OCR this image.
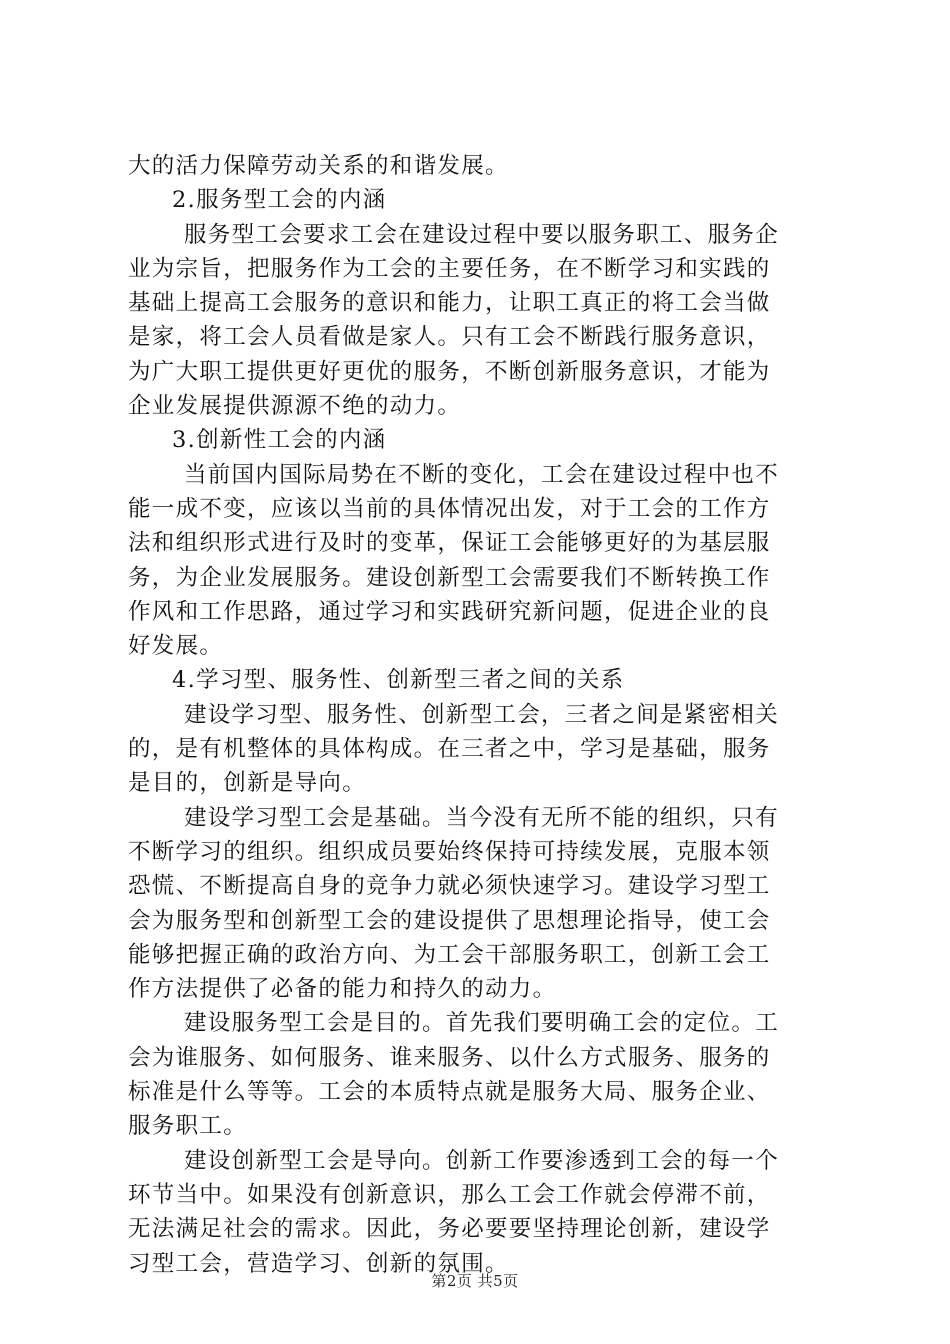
大的活力保障劳动关系的和谐发展。
2.服务型工会的内涵
服务型工会要求工会在建设过程中要以服务职工、服务企
业为宗旨，把服务作为工会的主要任务，在不断学习和实践的
基础上提高工会服务的意识和能力，让职工真正的将工会当做
是家，将工会人员看做是家人。只有工会不断践行服务意识，
为广大职工提供更好更优的服务，不断创新服务意识，才能为
企业发展提供源源不绝的动力。
3.创新性工会的内涵
当前国内国际局势在不断的变化，工会在建设过程中也不
能一成不变，应该以当前的具体情况出发，对于工会的工作方
法和组织形式进行及时的变革，保证工会能够更好的为基层服
务，为企业发展服务。建设创新型工会需要我们不断转换工作
作风和工作思路，通过学习和实践研究新问题，促进企业的良
好发展。
4.学习型、服务性、创新型三者之间的关系
建设学习型、服务性、创新型工会，三者之间是紧密相关
的，是有机整体的具体构成。在三者之中，学习是基础，服务
是目的，创新是导向。
建设学习型工会是基础。当今没有无所不能的组织，只有
不断学习的组织。组织成员要始终保持可持续发展，克服本领
恐慌、不断提高自身的竞争力就必须快速学习。建设学习型工
会为服务型和创新型工会的建设提供了思想理论指导，使工会
能够把握正确的政治方向、为工会干部服务职工，创新工会工
作方法提供了必备的能力和持久的动力。
建设服务型工会是目的。首先我们要明确工会的定位。工
会为谁服务、如何服务、谁来服务、以什么方式服务、服务的
标准是什么等等。工会的本质特点就是服务大局、服务企业、
服务职工。
建设创新型工会是导向。创新工作要渗透到工会的每一个
环节当中。如果没有创新意识，那么工会工作就会停滞不前，
无法满足社会的需求。因此，务必要要坚持理论创新，建设学
习型工会，营造学习、创新的氛围。
第2页 共5页
